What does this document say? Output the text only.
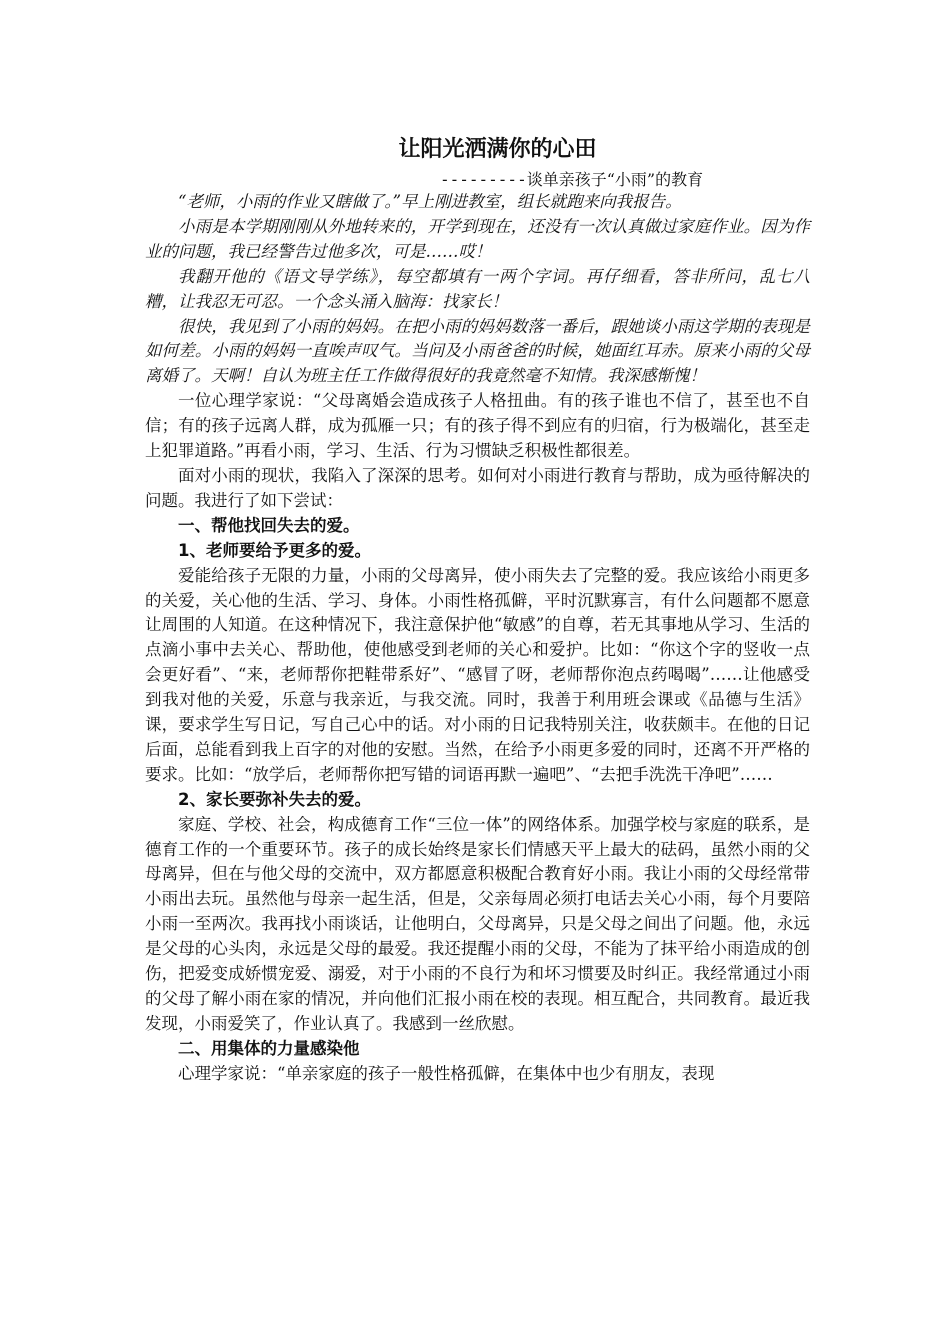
让阳光洒满你的心田
---------谈单亲孩子“小雨”的教育

“老师，小雨的作业又瞎做了。”早上刚进教室，组长就跑来向我报告。

小雨是本学期刚刚从外地转来的，开学到现在，还没有一次认真做过家庭作业。因为作业的问题，我已经警告过他多次，可是……哎！

我翻开他的《语文导学练》，每空都填有一两个字词。再仔细看，答非所问，乱七八糟，让我忍无可忍。一个念头涌入脑海：找家长！

很快，我见到了小雨的妈妈。在把小雨的妈妈数落一番后，跟她谈小雨这学期的表现是如何差。小雨的妈妈一直唉声叹气。当问及小雨爸爸的时候，她面红耳赤。原来小雨的父母离婚了。天啊！自认为班主任工作做得很好的我竟然毫不知情。我深感惭愧！

一位心理学家说：“父母离婚会造成孩子人格扭曲。有的孩子谁也不信了，甚至也不自信；有的孩子远离人群，成为孤雁一只；有的孩子得不到应有的归宿，行为极端化，甚至走上犯罪道路。”再看小雨，学习、生活、行为习惯缺乏积极性都很差。

面对小雨的现状，我陷入了深深的思考。如何对小雨进行教育与帮助，成为亟待解决的问题。我进行了如下尝试：

一、帮他找回失去的爱。
1、老师要给予更多的爱。

爱能给孩子无限的力量，小雨的父母离异，使小雨失去了完整的爱。我应该给小雨更多的关爱，关心他的生活、学习、身体。小雨性格孤僻，平时沉默寡言，有什么问题都不愿意让周围的人知道。在这种情况下，我注意保护他“敏感”的自尊，若无其事地从学习、生活的点滴小事中去关心、帮助他，使他感受到老师的关心和爱护。比如：“你这个字的竖收一点会更好看”、“来，老师帮你把鞋带系好”、“感冒了呀，老师帮你泡点药喝喝”……让他感受到我对他的关爱，乐意与我亲近，与我交流。同时，我善于利用班会课或《品德与生活》课，要求学生写日记，写自己心中的话。对小雨的日记我特别关注，收获颇丰。在他的日记后面，总能看到我上百字的对他的安慰。当然，在给予小雨更多爱的同时，还离不开严格的要求。比如：“放学后，老师帮你把写错的词语再默一遍吧”、“去把手洗洗干净吧”……

2、家长要弥补失去的爱。

家庭、学校、社会，构成德育工作“三位一体”的网络体系。加强学校与家庭的联系，是德育工作的一个重要环节。孩子的成长始终是家长们情感天平上最大的砝码，虽然小雨的父母离异，但在与他父母的交流中，双方都愿意积极配合教育好小雨。我让小雨的父母经常带小雨出去玩。虽然他与母亲一起生活，但是，父亲每周必须打电话去关心小雨，每个月要陪小雨一至两次。我再找小雨谈话，让他明白，父母离异，只是父母之间出了问题。他，永远是父母的心头肉，永远是父母的最爱。我还提醒小雨的父母，不能为了抹平给小雨造成的创伤，把爱变成娇惯宠爱、溺爱，对于小雨的不良行为和坏习惯要及时纠正。我经常通过小雨的父母了解小雨在家的情况，并向他们汇报小雨在校的表现。相互配合，共同教育。最近我发现，小雨爱笑了，作业认真了。我感到一丝欣慰。

二、用集体的力量感染他

心理学家说：“单亲家庭的孩子一般性格孤僻，在集体中也少有朋友，表现
